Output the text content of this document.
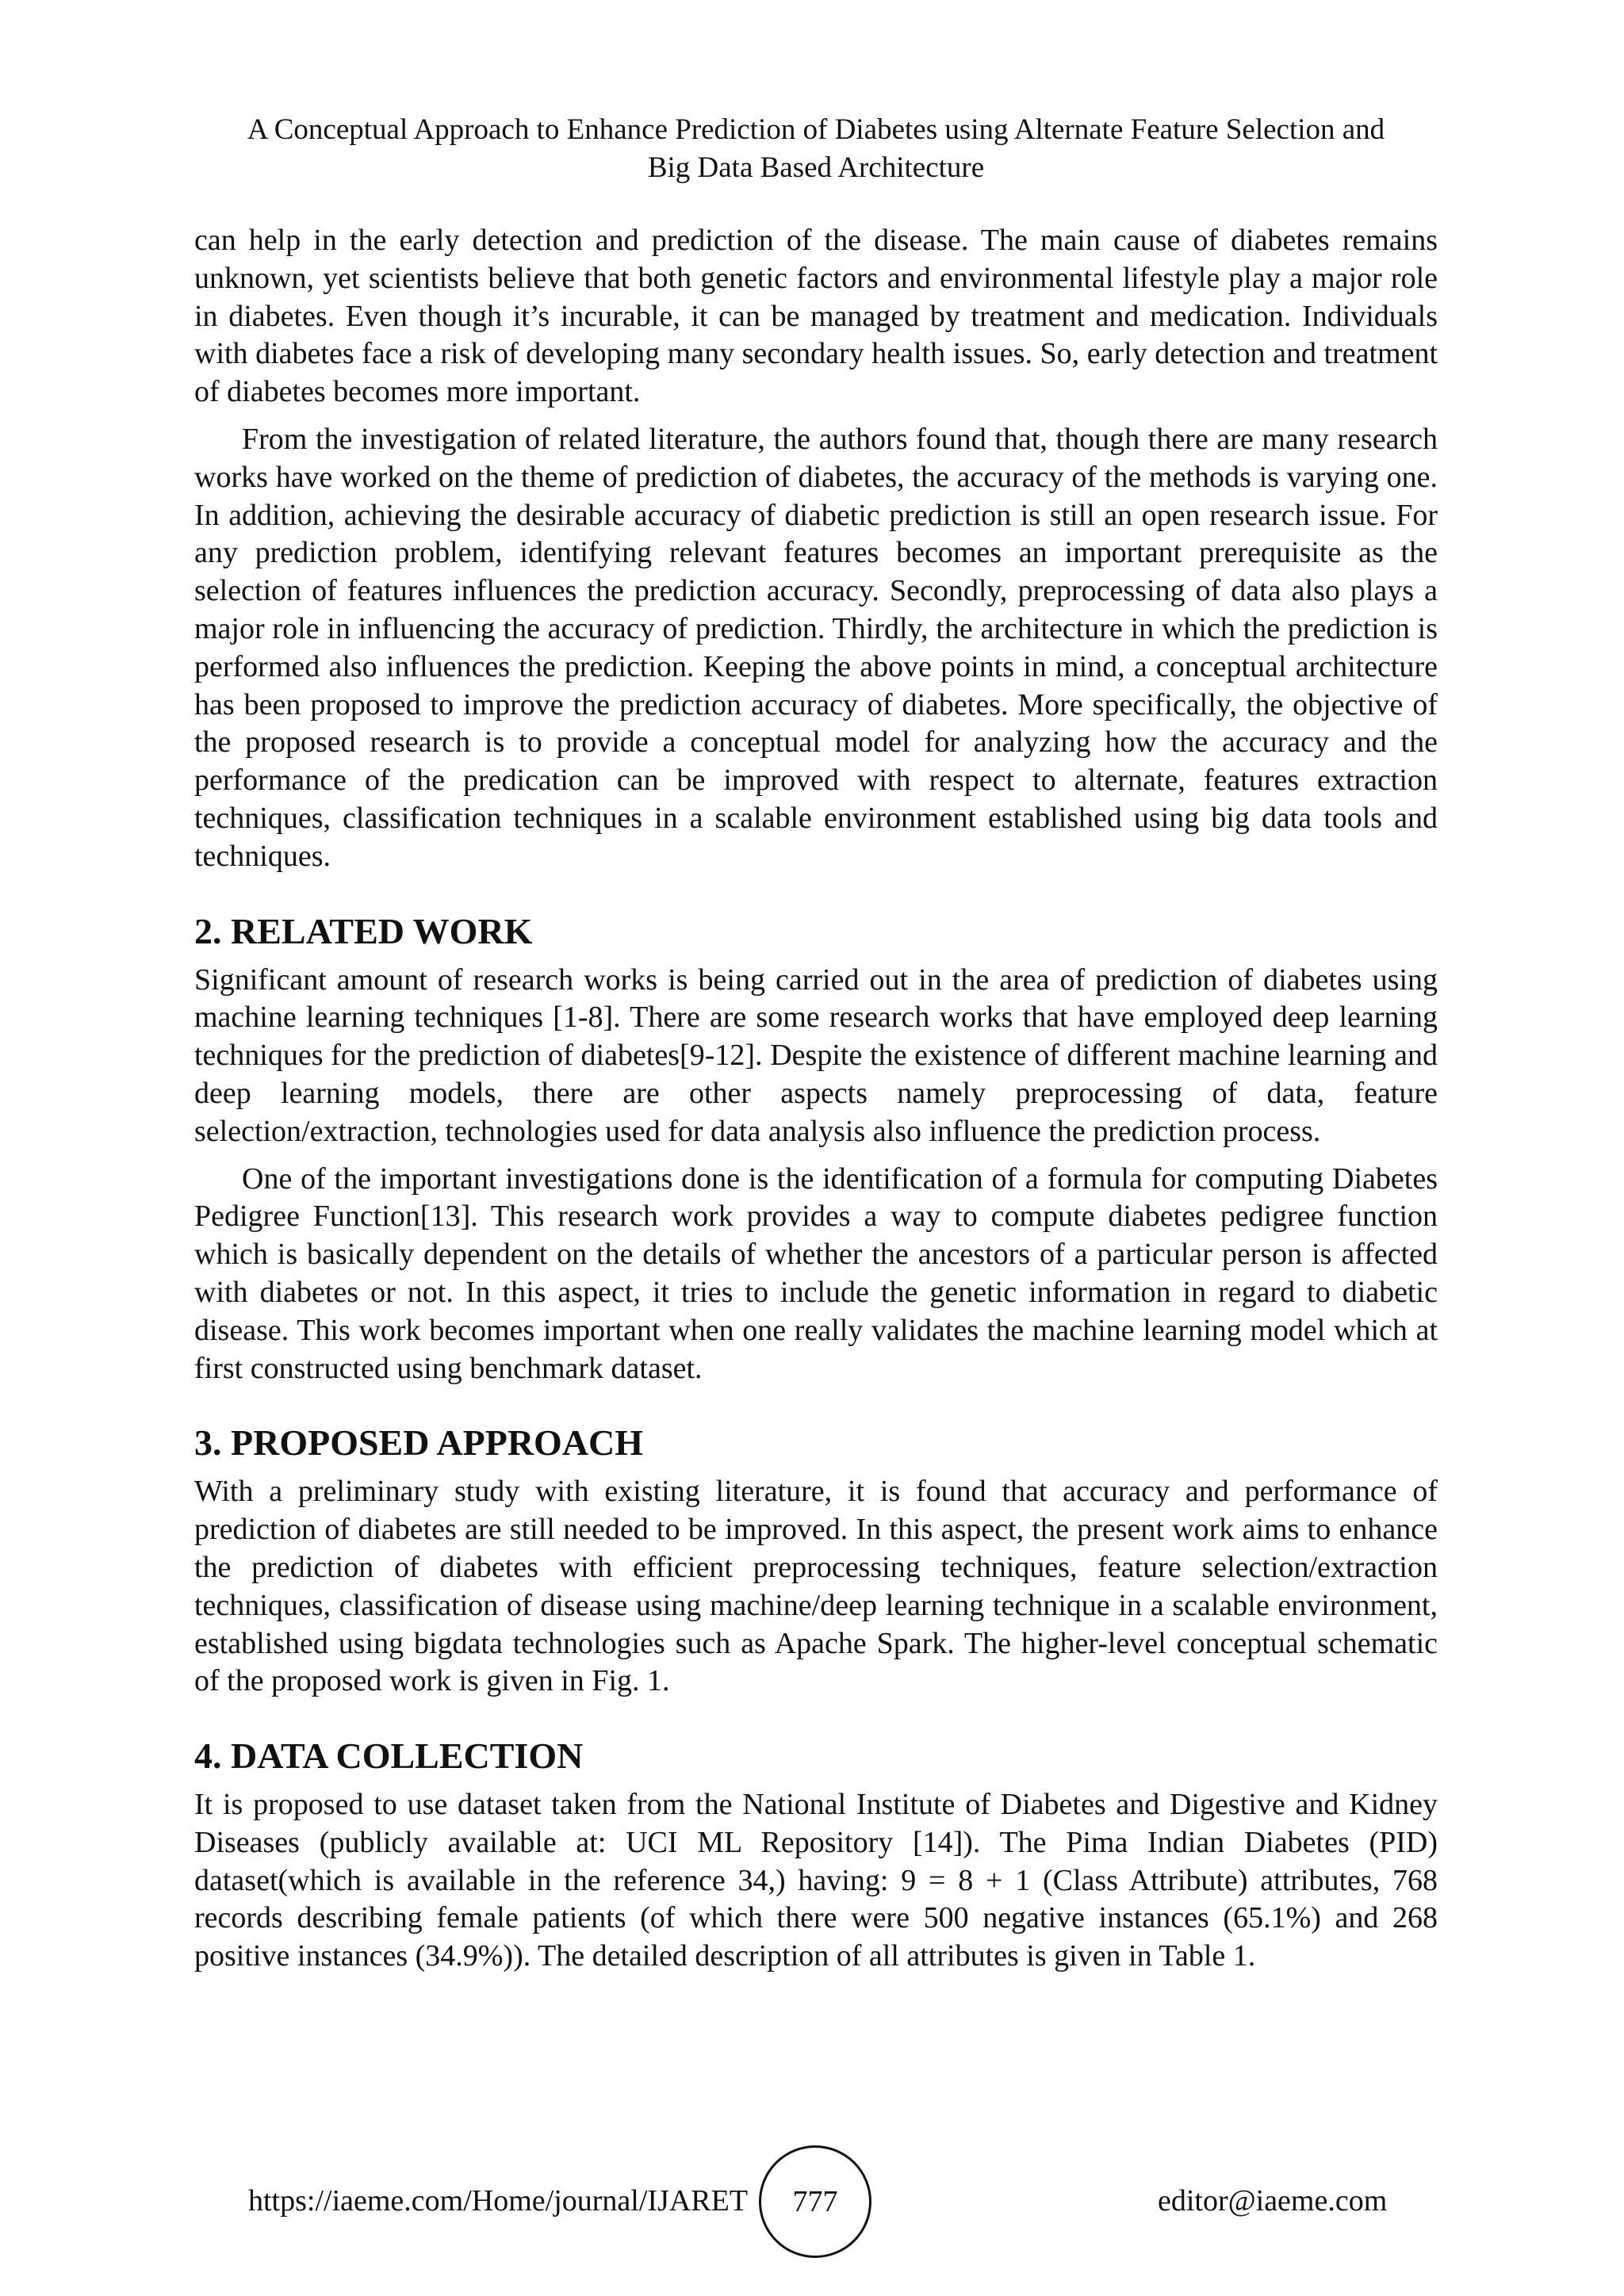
A Conceptual Approach to Enhance Prediction of Diabetes using Alternate Feature Selection and
Big Data Based Architecture

can help in the early detection and prediction of the disease. The main cause of diabetes remains unknown, yet scientists believe that both genetic factors and environmental lifestyle play a major role in diabetes. Even though it’s incurable, it can be managed by treatment and medication. Individuals with diabetes face a risk of developing many secondary health issues. So, early detection and treatment of diabetes becomes more important.

From the investigation of related literature, the authors found that, though there are many research works have worked on the theme of prediction of diabetes, the accuracy of the methods is varying one. In addition, achieving the desirable accuracy of diabetic prediction is still an open research issue. For any prediction problem, identifying relevant features becomes an important prerequisite as the selection of features influences the prediction accuracy. Secondly, preprocessing of data also plays a major role in influencing the accuracy of prediction. Thirdly, the architecture in which the prediction is performed also influences the prediction. Keeping the above points in mind, a conceptual architecture has been proposed to improve the prediction accuracy of diabetes. More specifically, the objective of the proposed research is to provide a conceptual model for analyzing how the accuracy and the performance of the predication can be improved with respect to alternate, features extraction techniques, classification techniques in a scalable environment established using big data tools and techniques.

2. RELATED WORK

Significant amount of research works is being carried out in the area of prediction of diabetes using machine learning techniques [1-8]. There are some research works that have employed deep learning techniques for the prediction of diabetes[9-12]. Despite the existence of different machine learning and deep learning models, there are other aspects namely preprocessing of data, feature selection/extraction, technologies used for data analysis also influence the prediction process.

One of the important investigations done is the identification of a formula for computing Diabetes Pedigree Function[13]. This research work provides a way to compute diabetes pedigree function which is basically dependent on the details of whether the ancestors of a particular person is affected with diabetes or not. In this aspect, it tries to include the genetic information in regard to diabetic disease. This work becomes important when one really validates the machine learning model which at first constructed using benchmark dataset.

3. PROPOSED APPROACH

With a preliminary study with existing literature, it is found that accuracy and performance of prediction of diabetes are still needed to be improved. In this aspect, the present work aims to enhance the prediction of diabetes with efficient preprocessing techniques, feature selection/extraction techniques, classification of disease using machine/deep learning technique in a scalable environment, established using bigdata technologies such as Apache Spark. The higher-level conceptual schematic of the proposed work is given in Fig. 1.

4. DATA COLLECTION

It is proposed to use dataset taken from the National Institute of Diabetes and Digestive and Kidney Diseases (publicly available at: UCI ML Repository [14]). The Pima Indian Diabetes (PID) dataset(which is available in the reference 34,) having: 9 = 8 + 1 (Class Attribute) attributes, 768 records describing female patients (of which there were 500 negative instances (65.1%) and 268 positive instances (34.9%)). The detailed description of all attributes is given in Table 1.

https://iaeme.com/Home/journal/IJARET 777	editor@iaeme.com
